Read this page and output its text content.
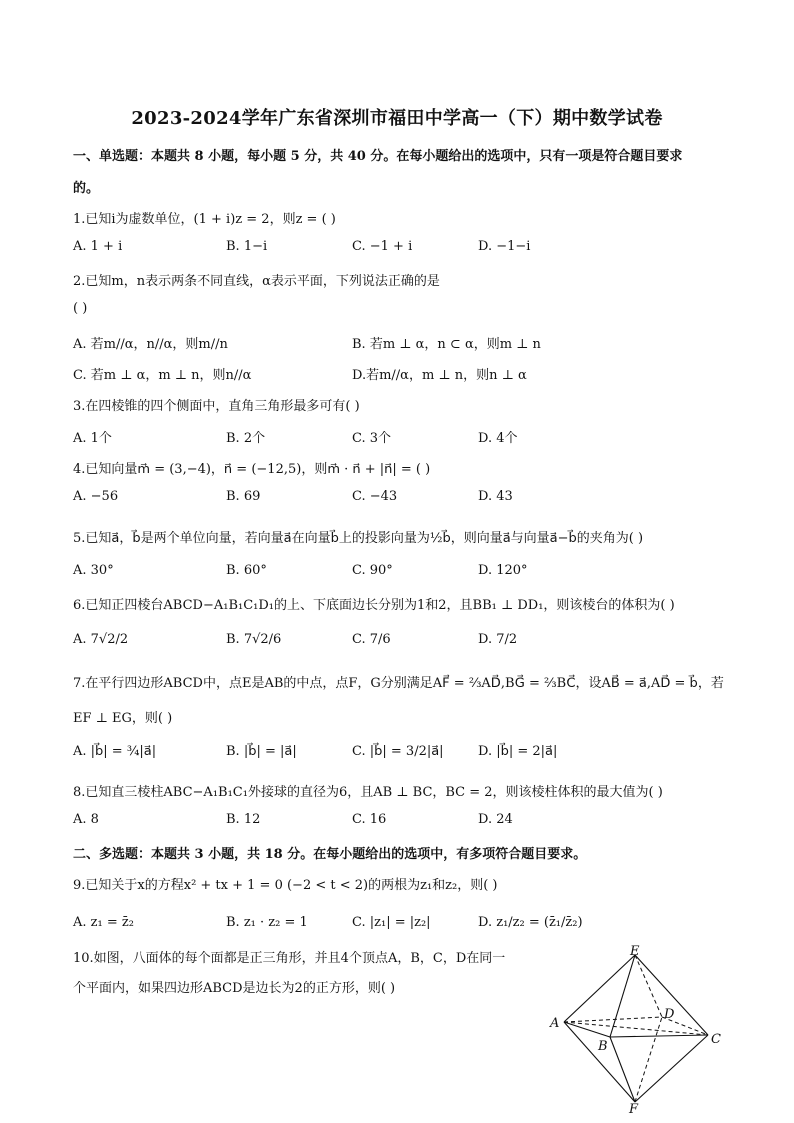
2023-2024学年广东省深圳市福田中学高一（下）期中数学试卷
一、单选题：本题共 8 小题，每小题 5 分，共 40 分。在每小题给出的选项中，只有一项是符合题目要求
的。
1.已知i为虚数单位，(1 + i)z = 2，则z = ( )
A. 1 + i	B. 1−i	C. −1 + i	D. −1−i
2.已知m，n表示两条不同直线，α表示平面，下列说法正确的是
( )
A. 若m//α，n//α，则m//n	B. 若m ⊥ α，n ⊂ α，则m ⊥ n
C. 若m ⊥ α，m ⊥ n，则n//α	D.若m//α，m ⊥ n，则n ⊥ α
3.在四棱锥的四个侧面中，直角三角形最多可有( )
A. 1个	B. 2个	C. 3个	D. 4个
4.已知向量m⃗ = (3,−4)，n⃗ = (−12,5)，则m⃗ · n⃗ + |n⃗| = ( )
A. −56	B. 69	C. −43	D. 43
5.已知a⃗，b⃗是两个单位向量，若向量a⃗在向量b⃗上的投影向量为½b⃗，则向量a⃗与向量a⃗−b⃗的夹角为( )
A. 30°	B. 60°	C. 90°	D. 120°
6.已知正四棱台ABCD−A₁B₁C₁D₁的上、下底面边长分别为1和2，且BB₁ ⊥ DD₁，则该棱台的体积为( )
A. 7√2/2	B. 7√2/6	C. 7/6	D. 7/2
7.在平行四边形ABCD中，点E是AB的中点，点F，G分别满足AF⃗ = ⅔AD⃗,BG⃗ = ⅔BC⃗，设AB⃗ = a⃗,AD⃗ = b⃗，若
EF ⊥ EG，则( )
A. |b⃗| = ¾|a⃗|	B. |b⃗| = |a⃗|	C. |b⃗| = 3/2|a⃗|	D. |b⃗| = 2|a⃗|
8.已知直三棱柱ABC−A₁B₁C₁外接球的直径为6，且AB ⊥ BC，BC = 2，则该棱柱体积的最大值为( )
A. 8	B. 12	C. 16	D. 24
二、多选题：本题共 3 小题，共 18 分。在每小题给出的选项中，有多项符合题目要求。
9.已知关于x的方程x² + tx + 1 = 0 (−2 < t < 2)的两根为z₁和z₂，则( )
A. z₁ = z̄₂	B. z₁ · z₂ = 1	C. |z₁| = |z₂|	D. z₁/z₂ = (z̄₁/z̄₂)
10.如图，八面体的每个面都是正三角形，并且4个顶点A，B，C，D在同一
个平面内，如果四边形ABCD是边长为2的正方形，则( )
E
A
D
B	C
F
